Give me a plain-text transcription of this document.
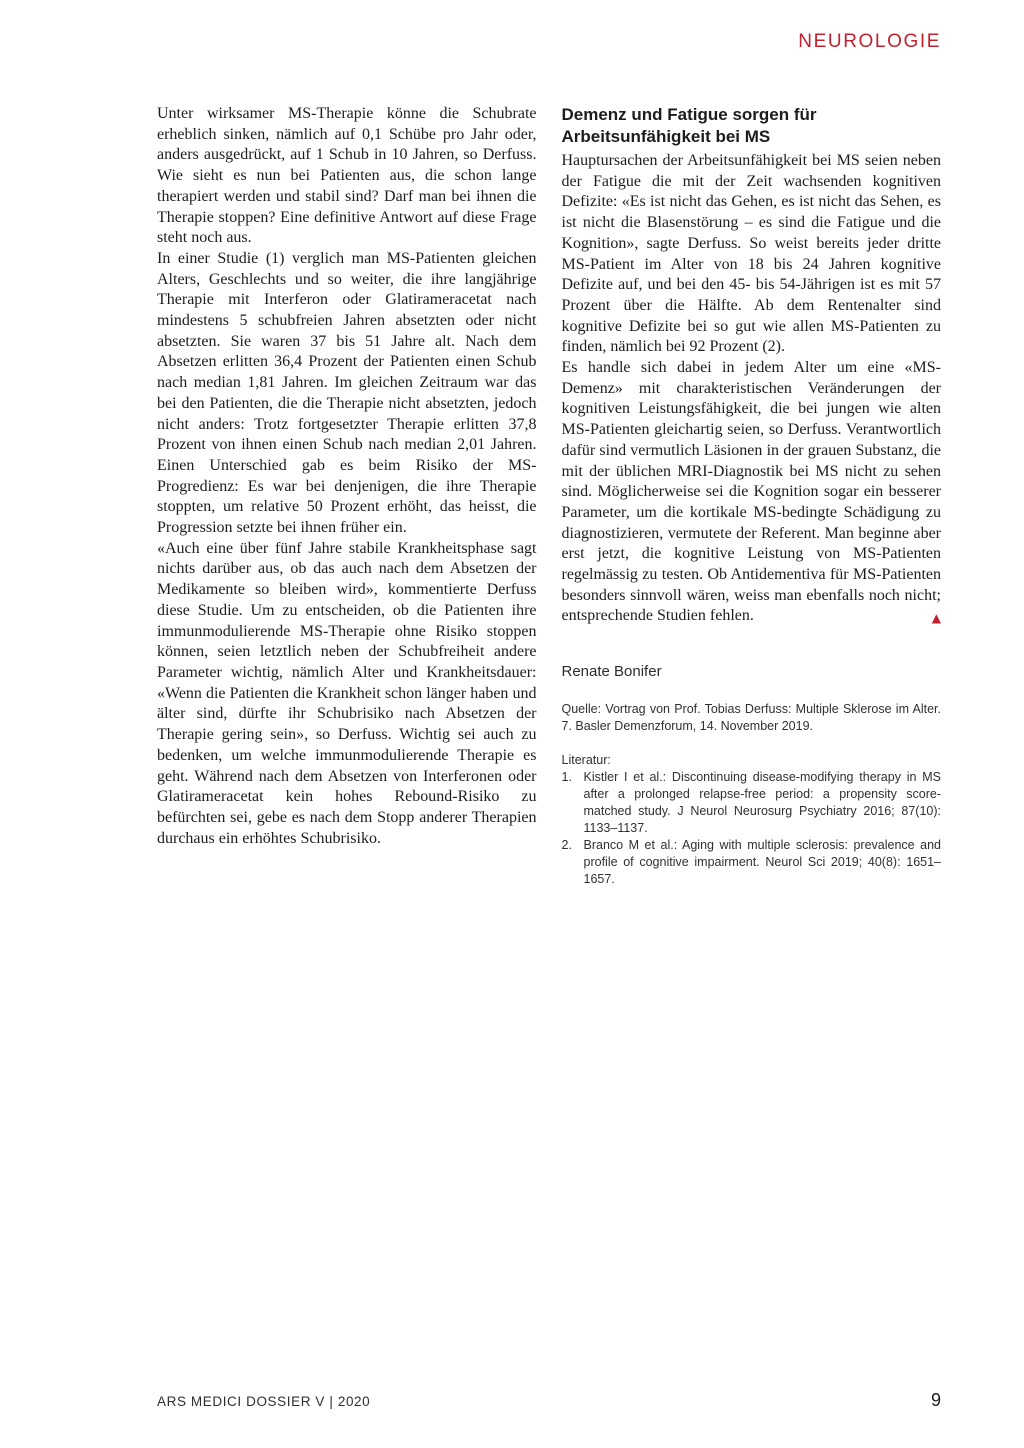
NEUROLOGIE

Unter wirksamer MS-Therapie könne die Schubrate erheblich sinken, nämlich auf 0,1 Schübe pro Jahr oder, anders ausgedrückt, auf 1 Schub in 10 Jahren, so Derfuss. Wie sieht es nun bei Patienten aus, die schon lange therapiert werden und stabil sind? Darf man bei ihnen die Therapie stoppen? Eine definitive Antwort auf diese Frage steht noch aus.

In einer Studie (1) verglich man MS-Patienten gleichen Alters, Geschlechts und so weiter, die ihre langjährige Therapie mit Interferon oder Glatirameracetat nach mindestens 5 schubfreien Jahren absetzten oder nicht absetzten. Sie waren 37 bis 51 Jahre alt. Nach dem Absetzen erlitten 36,4 Prozent der Patienten einen Schub nach median 1,81 Jahren. Im gleichen Zeitraum war das bei den Patienten, die die Therapie nicht absetzten, jedoch nicht anders: Trotz fortgesetzter Therapie erlitten 37,8 Prozent von ihnen einen Schub nach median 2,01 Jahren. Einen Unterschied gab es beim Risiko der MS-Progredienz: Es war bei denjenigen, die ihre Therapie stoppten, um relative 50 Prozent erhöht, das heisst, die Progression setzte bei ihnen früher ein.

«Auch eine über fünf Jahre stabile Krankheitsphase sagt nichts darüber aus, ob das auch nach dem Absetzen der Medikamente so bleiben wird», kommentierte Derfuss diese Studie. Um zu entscheiden, ob die Patienten ihre immunmodulierende MS-Therapie ohne Risiko stoppen können, seien letztlich neben der Schubfreiheit andere Parameter wichtig, nämlich Alter und Krankheitsdauer: «Wenn die Patienten die Krankheit schon länger haben und älter sind, dürfte ihr Schubrisiko nach Absetzen der Therapie gering sein», so Derfuss. Wichtig sei auch zu bedenken, um welche immunmodulierende Therapie es geht. Während nach dem Absetzen von Interferonen oder Glatirameracetat kein hohes Rebound-Risiko zu befürchten sei, gebe es nach dem Stopp anderer Therapien durchaus ein erhöhtes Schubrisiko.

Demenz und Fatigue sorgen für Arbeitsunfähigkeit bei MS

Hauptursachen der Arbeitsunfähigkeit bei MS seien neben der Fatigue die mit der Zeit wachsenden kognitiven Defizite: «Es ist nicht das Gehen, es ist nicht das Sehen, es ist nicht die Blasenstörung – es sind die Fatigue und die Kognition», sagte Derfuss. So weist bereits jeder dritte MS-Patient im Alter von 18 bis 24 Jahren kognitive Defizite auf, und bei den 45- bis 54-Jährigen ist es mit 57 Prozent über die Hälfte. Ab dem Rentenalter sind kognitive Defizite bei so gut wie allen MS-Patienten zu finden, nämlich bei 92 Prozent (2).

Es handle sich dabei in jedem Alter um eine «MS-Demenz» mit charakteristischen Veränderungen der kognitiven Leistungsfähigkeit, die bei jungen wie alten MS-Patienten gleichartig seien, so Derfuss. Verantwortlich dafür sind vermutlich Läsionen in der grauen Substanz, die mit der üblichen MRI-Diagnostik bei MS nicht zu sehen sind. Möglicherweise sei die Kognition sogar ein besserer Parameter, um die kortikale MS-bedingte Schädigung zu diagnostizieren, vermutete der Referent. Man beginne aber erst jetzt, die kognitive Leistung von MS-Patienten regelmässig zu testen. Ob Antidementiva für MS-Patienten besonders sinnvoll wären, weiss man ebenfalls noch nicht; entsprechende Studien fehlen.	▲
Renate Bonifer
Quelle: Vortrag von Prof. Tobias Derfuss: Multiple Sklerose im Alter. 7. Basler Demenzforum, 14. November 2019.
Literatur:
1. Kistler I et al.: Discontinuing disease-modifying therapy in MS after a prolonged relapse-free period: a propensity score-matched study. J Neurol Neurosurg Psychiatry 2016; 87(10): 1133–1137.
2. Branco M et al.: Aging with multiple sclerosis: prevalence and profile of cognitive impairment. Neurol Sci 2019; 40(8): 1651–1657.
ARS MEDICI DOSSIER V | 2020	9
